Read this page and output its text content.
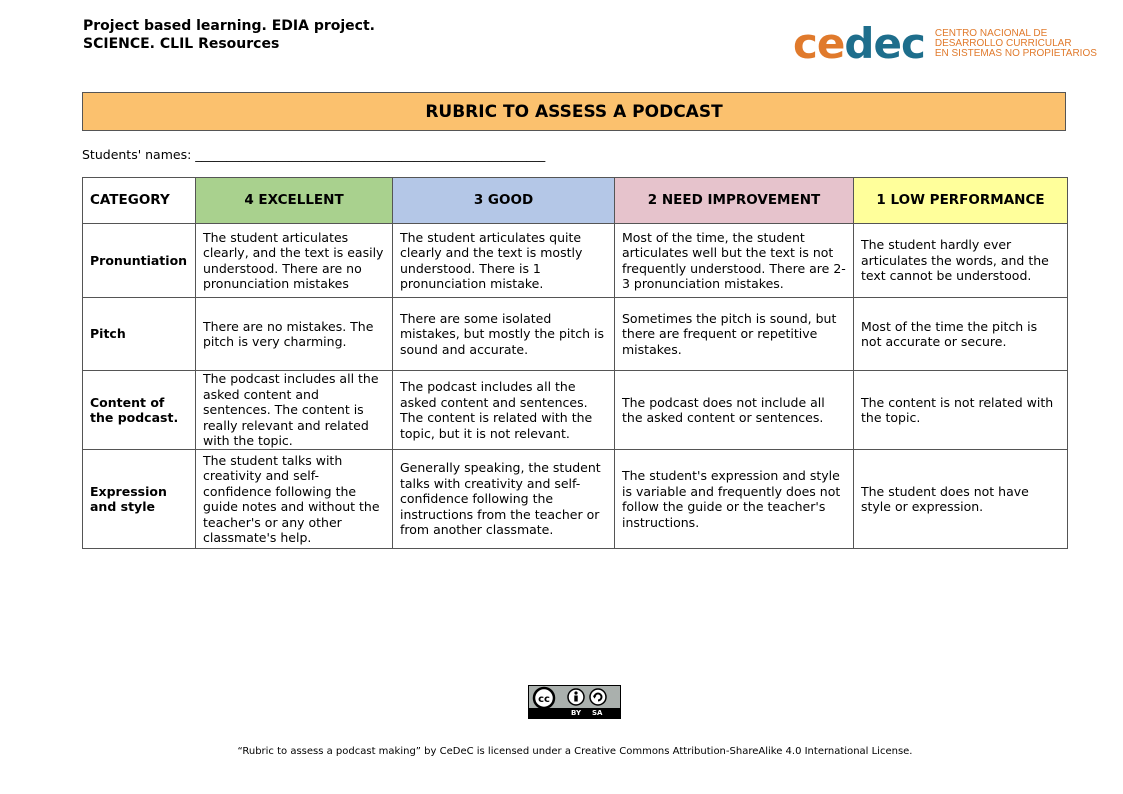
Project based learning. EDIA project.
SCIENCE. CLIL Resources	cedec CENTRO NACIONAL DE
DESARROLLO CURRICULAR
EN SISTEMAS NO PROPIETARIOS
RUBRIC TO ASSESS A PODCAST
Students' names: ________________________________________________________
CATEGORY	4 EXCELLENT	3 GOOD	2 NEED IMPROVEMENT	1 LOW PERFORMANCE
Pronuntiation	The student articulates clearly, and the text is easily understood. There are no pronunciation mistakes	The student articulates quite clearly and the text is mostly understood. There is 1 pronunciation mistake.	Most of the time, the student articulates well but the text is not frequently understood. There are 2-3 pronunciation mistakes.	The student hardly ever articulates the words, and the text cannot be understood.
Pitch	There are no mistakes. The pitch is very charming.	There are some isolated mistakes, but mostly the pitch is sound and accurate.	Sometimes the pitch is sound, but there are frequent or repetitive mistakes.	Most of the time the pitch is not accurate or secure.
Content of the podcast.	The podcast includes all the asked content and sentences. The content is really relevant and related with the topic.	The podcast includes all the asked content and sentences. The content is related with the topic, but it is not relevant.	The podcast does not include all the asked content or sentences.	The content is not related with the topic.
Expression and style	The student talks with creativity and self-confidence following the guide notes and without the teacher's or any other classmate's help.	Generally speaking, the student talks with creativity and self-confidence following the instructions from the teacher or from another classmate.	The student's expression and style is variable and frequently does not follow the guide or the teacher's instructions.	The student does not have style or expression.
cc
BY SA
“Rubric to assess a podcast making” by CeDeC is licensed under a Creative Commons Attribution-ShareAlike 4.0 International License.
